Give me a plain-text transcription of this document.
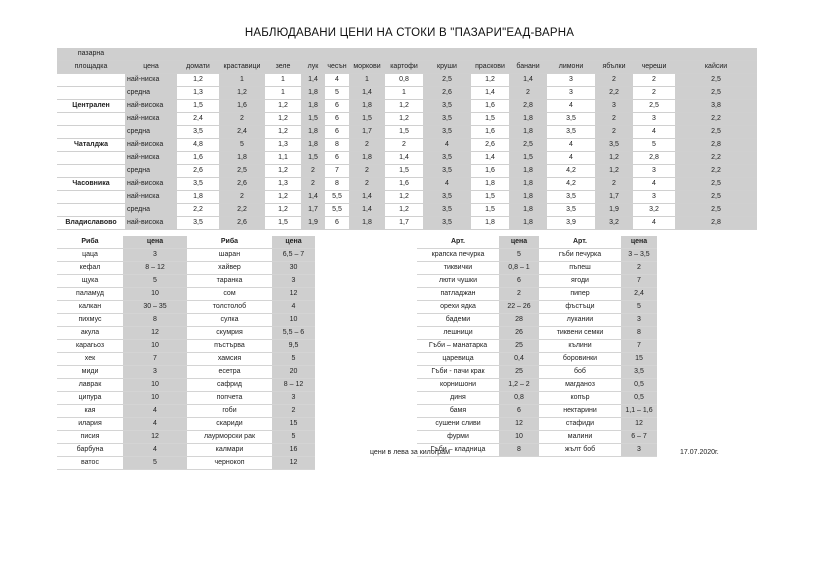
НАБЛЮДАВАНИ ЦЕНИ НА СТОКИ В "ПАЗАРИ"ЕАД-ВАРНА
пазарна															
площадка	цена	домати	краставици	зеле	лук	чесън	моркови	картофи	круши	праскови	банани	лимони	ябълки	череши	кайсии
	най-ниска	1,2	1	1	1,4	4	1	0,8	2,5	1,2	1,4	3	2	2	2,5
	средна	1,3	1,2	1	1,8	5	1,4	1	2,6	1,4	2	3	2,2	2	2,5
Централен	най-висока	1,5	1,6	1,2	1,8	6	1,8	1,2	3,5	1,6	2,8	4	3	2,5	3,8
	най-ниска	2,4	2	1,2	1,5	6	1,5	1,2	3,5	1,5	1,8	3,5	2	3	2,2
	средна	3,5	2,4	1,2	1,8	6	1,7	1,5	3,5	1,6	1,8	3,5	2	4	2,5
Чаталджа	най-висока	4,8	5	1,3	1,8	8	2	2	4	2,6	2,5	4	3,5	5	2,8
	най-ниска	1,6	1,8	1,1	1,5	6	1,8	1,4	3,5	1,4	1,5	4	1,2	2,8	2,2
	средна	2,6	2,5	1,2	2	7	2	1,5	3,5	1,6	1,8	4,2	1,2	3	2,2
Часовника	най-висока	3,5	2,6	1,3	2	8	2	1,6	4	1,8	1,8	4,2	2	4	2,5
	най-ниска	1,8	2	1,2	1,4	5,5	1,4	1,2	3,5	1,5	1,8	3,5	1,7	3	2,5
	средна	2,2	2,2	1,2	1,7	5,5	1,4	1,2	3,5	1,5	1,8	3,5	1,9	3,2	2,5
Владиславово	най-висока	3,5	2,6	1,5	1,9	6	1,8	1,7	3,5	1,8	1,8	3,9	3,2	4	2,8
Риба	цена	Риба	цена
цаца	3	шаран	6,5 – 7
кефал	8 – 12	хайвер	30
щука	5	таранка	3
паламуд	10	сом	12
калкан	30 – 35	толстолоб	4
пихмус	8	сулка	10
акула	12	скумрия	5,5 – 6
карагьоз	10	пъстърва	9,5
хек	7	хамсия	5
миди	3	есетра	20
лаврак	10	сафрид	8 – 12
ципура	10	попчета	3
кая	4	гоби	2
илария	4	скариди	15
писия	12	лаурморски рак	5
барбуна	4	калмари	16
ватос	5	чернокоп	12
Арт.	цена	Арт.	цена
крапска печурка	5	гъби печурка	3 – 3,5
тиквички	0,8 – 1	пъпеш	2
люти чушки	6	ягоди	7
патладжан	2	пипер	2,4
орехи ядка	22 – 26	фъстъци	5
бадеми	28	лукании	3
лешници	26	тиквени семки	8
Гъби – манатарка	25	кълини	7
царевица	0,4	боровинки	15
Гъби - пачи крак	25	боб	3,5
корнишони	1,2 – 2	магданоз	0,5
диня	0,8	копър	0,5
бамя	6	нектарини	1,1 – 1,6
сушени сливи	12	стафиди	12
фурми	10	малини	6 – 7
Гъби – кладница	8	жълт боб	3
цени в лева за килограм	17.07.2020г.
